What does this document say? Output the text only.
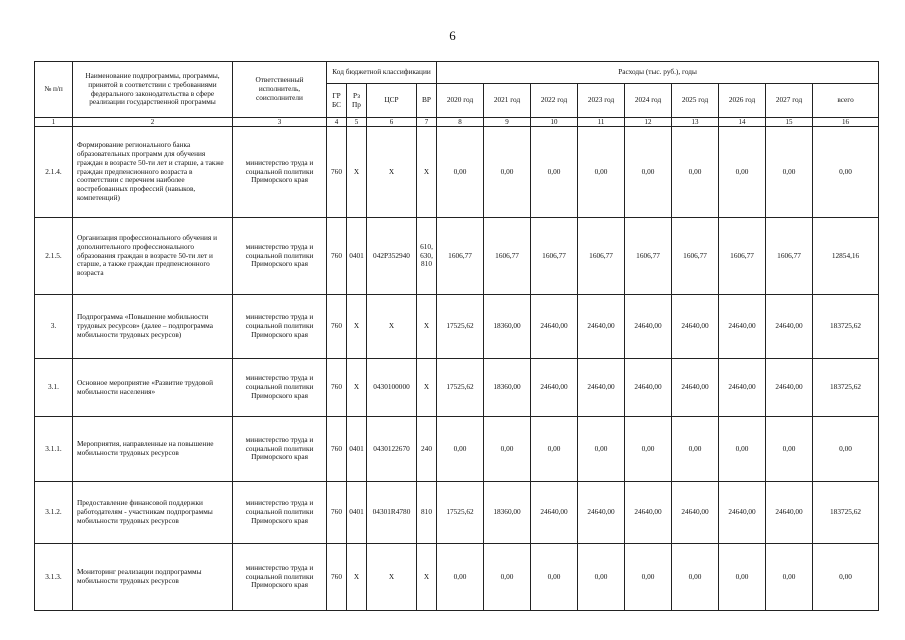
6
№ п/п	Наименование подпрограммы, программы, принятой в соответствии с требованиями федерального законодательства в сфере реализации государственной программы	Ответственный исполнитель, соисполнители	Код бюджетной классификации				Расходы (тыс. руб.), годы								
			ГР БС	Рз Пр	ЦСР	ВР	2020 год	2021 год	2022 год	2023 год	2024 год	2025 год	2026 год	2027 год	всего
1	2	3	4	5	6	7	8	9	10	11	12	13	14	15	16
2.1.4.	Формирование регионального банка образовательных программ для обучения граждан в возрасте 50-ти лет и старше, а также граждан предпенсионного возраста в соответствии с перечнем наиболее востребованных профессий (навыков, компетенций)	министерство труда и социальной политики Приморского края	760	X	X	X	0,00	0,00	0,00	0,00	0,00	0,00	0,00	0,00	0,00
2.1.5.	Организация профессионального обучения и дополнительного профессионального образования граждан в возрасте 50-ти лет и старше, а также граждан предпенсионного возраста	министерство труда и социальной политики Приморского края	760	0401	042P352940	610, 630, 810	1606,77	1606,77	1606,77	1606,77	1606,77	1606,77	1606,77	1606,77	12854,16
3.	Подпрограмма «Повышение мобильности трудовых ресурсов» (далее – подпрограмма мобильности трудовых ресурсов)	министерство труда и социальной политики Приморского края	760	X	X	X	17525,62	18360,00	24640,00	24640,00	24640,00	24640,00	24640,00	24640,00	183725,62
3.1.	Основное мероприятие «Развитие трудовой мобильности населения»	министерство труда и социальной политики Приморского края	760	X	0430100000	X	17525,62	18360,00	24640,00	24640,00	24640,00	24640,00	24640,00	24640,00	183725,62
3.1.1.	Мероприятия, направленные на повышение мобильности трудовых ресурсов	министерство труда и социальной политики Приморского края	760	0401	0430122670	240	0,00	0,00	0,00	0,00	0,00	0,00	0,00	0,00	0,00
3.1.2.	Предоставление финансовой поддержки работодателям - участникам подпрограммы мобильности трудовых ресурсов	министерство труда и социальной политики Приморского края	760	0401	04301R4780	810	17525,62	18360,00	24640,00	24640,00	24640,00	24640,00	24640,00	24640,00	183725,62
3.1.3.	Мониторинг реализации подпрограммы мобильности трудовых ресурсов	министерство труда и социальной политики Приморского края	760	X	X	X	0,00	0,00	0,00	0,00	0,00	0,00	0,00	0,00	0,00
